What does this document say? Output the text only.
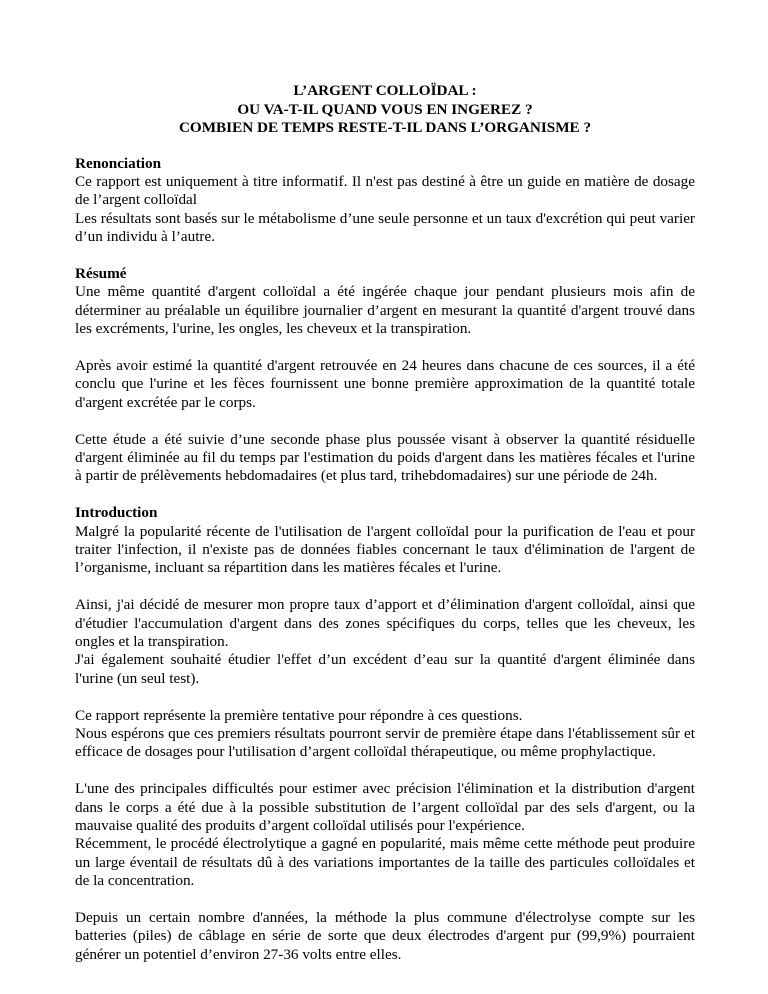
L’ARGENT COLLOÏDAL :
OU VA-T-IL QUAND VOUS EN INGEREZ ?
COMBIEN DE TEMPS RESTE-T-IL DANS L’ORGANISME ?
Renonciation

Ce rapport est uniquement à titre informatif. Il n'est pas destiné à être un guide en matière de dosage de l’argent colloïdal

Les résultats sont basés sur le métabolisme d’une seule personne et un taux d'excrétion qui peut varier d’un individu à l’autre.

Résumé

Une même quantité d'argent colloïdal a été ingérée chaque jour pendant plusieurs mois afin de déterminer au préalable un équilibre journalier d’argent en mesurant la quantité d'argent trouvé dans les excréments, l'urine, les ongles, les cheveux et la transpiration.

Après avoir estimé la quantité d'argent retrouvée en 24 heures dans chacune de ces sources, il a été conclu que l'urine et les fèces fournissent une bonne première approximation de la quantité totale d'argent excrétée par le corps.

Cette étude a été suivie d’une seconde phase plus poussée visant à observer la quantité résiduelle d'argent éliminée au fil du temps par l'estimation du poids d'argent dans les matières fécales et l'urine à partir de prélèvements hebdomadaires (et plus tard, trihebdomadaires) sur une période de 24h.

Introduction

Malgré la popularité récente de l'utilisation de l'argent colloïdal pour la purification de l'eau et pour traiter l'infection, il n'existe pas de données fiables concernant le taux d'élimination de l'argent de l’organisme, incluant sa répartition dans les matières fécales et l'urine.

Ainsi, j'ai décidé de mesurer mon propre taux d’apport et d’élimination d'argent colloïdal, ainsi que d'étudier l'accumulation d'argent dans des zones spécifiques du corps, telles que les cheveux, les ongles et la transpiration.

J'ai également souhaité étudier l'effet d’un excédent d’eau sur la quantité d'argent éliminée dans l'urine (un seul test).

Ce rapport représente la première tentative pour répondre à ces questions.

Nous espérons que ces premiers résultats pourront servir de première étape dans l'établissement sûr et efficace de dosages pour l'utilisation d’argent colloïdal thérapeutique, ou même prophylactique.

L'une des principales difficultés pour estimer avec précision l'élimination et la distribution d'argent dans le corps a été due à la possible substitution de l’argent colloïdal par des sels d'argent, ou la mauvaise qualité des produits d’argent colloïdal utilisés pour l'expérience.

Récemment, le procédé électrolytique a gagné en popularité, mais même cette méthode peut produire un large éventail de résultats dû à des variations importantes de la taille des particules colloïdales et de la concentration.

Depuis un certain nombre d'années, la méthode la plus commune d'électrolyse compte sur les batteries (piles) de câblage en série de sorte que deux électrodes d'argent pur (99,9%) pourraient générer un potentiel d’environ 27-36 volts entre elles.
